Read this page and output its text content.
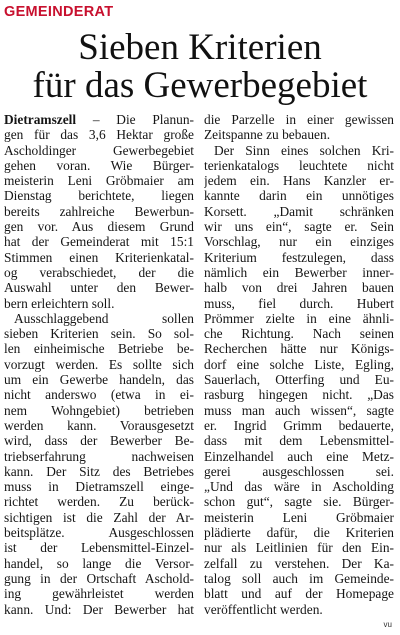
GEMEINDERAT
Sieben Kriterien
für das Gewerbegebiet
Dietramszell – Die Planun-
gen für das 3,6 Hektar große
Ascholdinger Gewerbegebiet
gehen voran. Wie Bürger-
meisterin Leni Gröbmaier am
Dienstag berichtete, liegen
bereits zahlreiche Bewerbun-
gen vor. Aus diesem Grund
hat der Gemeinderat mit 15:1
Stimmen einen Kriterienkatal-
og verabschiedet, der die
Auswahl unter den Bewer-
bern erleichtern soll.
Ausschlaggebend sollen
sieben Kriterien sein. So sol-
len einheimische Betriebe be-
vorzugt werden. Es sollte sich
um ein Gewerbe handeln, das
nicht anderswo (etwa in ei-
nem Wohngebiet) betrieben
werden kann. Vorausgesetzt
wird, dass der Bewerber Be-
triebserfahrung nachweisen
kann. Der Sitz des Betriebes
muss in Dietramszell einge-
richtet werden. Zu berück-
sichtigen ist die Zahl der Ar-
beitsplätze. Ausgeschlossen
ist der Lebensmittel-Einzel-
handel, so lange die Versor-
gung in der Ortschaft Aschold-
ing gewährleistet werden
kann. Und: Der Bewerber hat
die Parzelle in einer gewissen
Zeitspanne zu bebauen.
Der Sinn eines solchen Kri-
terienkatalogs leuchtete nicht
jedem ein. Hans Kanzler er-
kannte darin ein unnötiges
Korsett. „Damit schränken
wir uns ein“, sagte er. Sein
Vorschlag, nur ein einziges
Kriterium festzulegen, dass
nämlich ein Bewerber inner-
halb von drei Jahren bauen
muss, fiel durch. Hubert
Prömmer zielte in eine ähnli-
che Richtung. Nach seinen
Recherchen hätte nur Königs-
dorf eine solche Liste, Egling,
Sauerlach, Otterfing und Eu-
rasburg hingegen nicht. „Das
muss man auch wissen“, sagte
er. Ingrid Grimm bedauerte,
dass mit dem Lebensmittel-
Einzelhandel auch eine Metz-
gerei ausgeschlossen sei.
„Und das wäre in Ascholding
schon gut“, sagte sie. Bürger-
meisterin Leni Gröbmaier
plädierte dafür, die Kriterien
nur als Leitlinien für den Ein-
zelfall zu verstehen. Der Ka-
talog soll auch im Gemeinde-
blatt und auf der Homepage
veröffentlicht werden.
vu
